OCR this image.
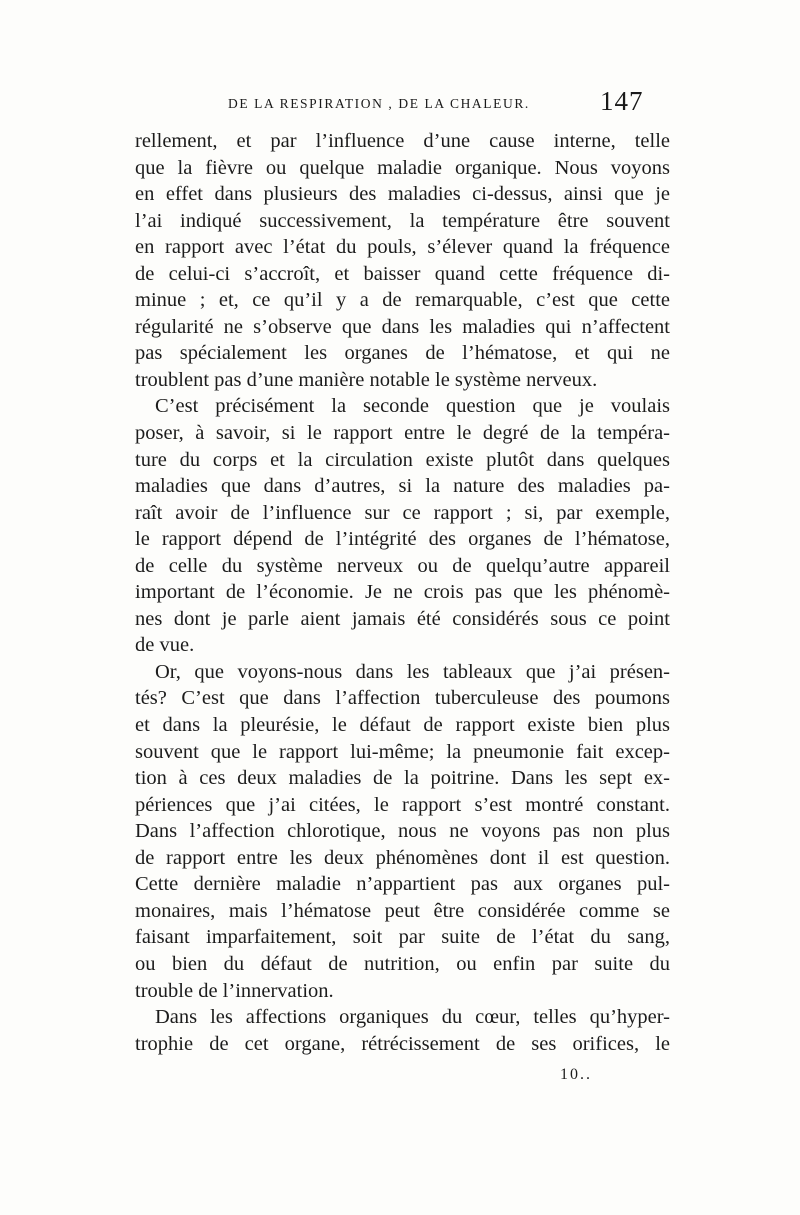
DE LA RESPIRATION , DE LA CHALEUR.	147
rellement, et par l’influence d’une cause interne, telle
que la fièvre ou quelque maladie organique. Nous voyons
en effet dans plusieurs des maladies ci-dessus, ainsi que je
l’ai indiqué successivement, la température être souvent
en rapport avec l’état du pouls, s’élever quand la fréquence
de celui-ci s’accroît, et baisser quand cette fréquence di-
minue ; et, ce qu’il y a de remarquable, c’est que cette
régularité ne s’observe que dans les maladies qui n’affectent
pas spécialement les organes de l’hématose, et qui ne
troublent pas d’une manière notable le système nerveux.
C’est précisément la seconde question que je voulais
poser, à savoir, si le rapport entre le degré de la tempéra-
ture du corps et la circulation existe plutôt dans quelques
maladies que dans d’autres, si la nature des maladies pa-
raît avoir de l’influence sur ce rapport ; si, par exemple,
le rapport dépend de l’intégrité des organes de l’hématose,
de celle du système nerveux ou de quelqu’autre appareil
important de l’économie. Je ne crois pas que les phénomè-
nes dont je parle aient jamais été considérés sous ce point
de vue.
Or, que voyons-nous dans les tableaux que j’ai présen-
tés? C’est que dans l’affection tuberculeuse des poumons
et dans la pleurésie, le défaut de rapport existe bien plus
souvent que le rapport lui-même; la pneumonie fait excep-
tion à ces deux maladies de la poitrine. Dans les sept ex-
périences que j’ai citées, le rapport s’est montré constant.
Dans l’affection chlorotique, nous ne voyons pas non plus
de rapport entre les deux phénomènes dont il est question.
Cette dernière maladie n’appartient pas aux organes pul-
monaires, mais l’hématose peut être considérée comme se
faisant imparfaitement, soit par suite de l’état du sang,
ou bien du défaut de nutrition, ou enfin par suite du
trouble de l’innervation.
Dans les affections organiques du cœur, telles qu’hyper-
trophie de cet organe, rétrécissement de ses orifices, le
10..
